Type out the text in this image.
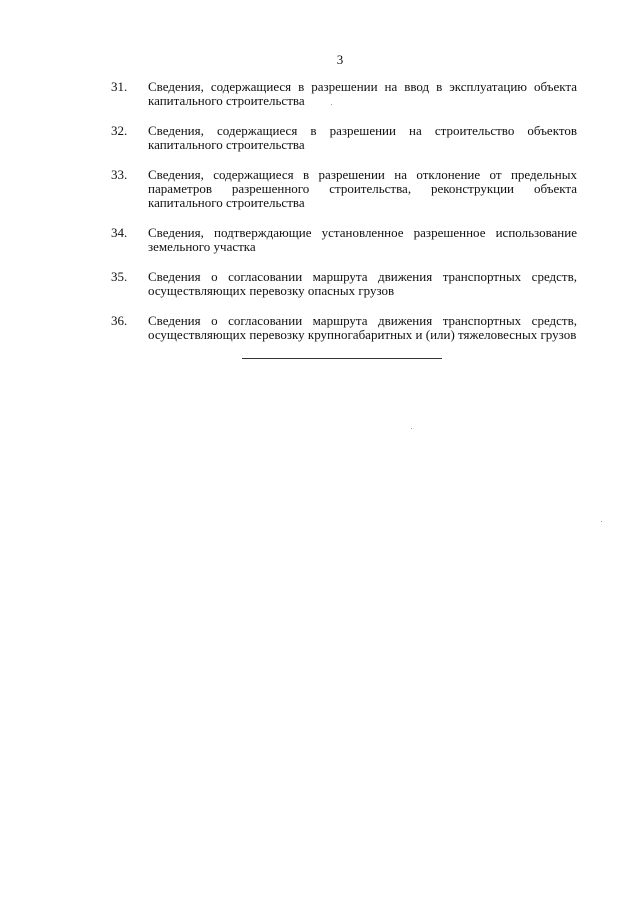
3
31.	Сведения, содержащиеся в разрешении на ввод в эксплуатацию объекта капитального строительства
32.	Сведения, содержащиеся в разрешении на строительство объектов капитального строительства
33.	Сведения, содержащиеся в разрешении на отклонение от предельных параметров разрешенного строительства, реконструкции объекта капитального строительства
34.	Сведения, подтверждающие установленное разрешенное использование земельного участка
35.	Сведения о согласовании маршрута движения транспортных средств, осуществляющих перевозку опасных грузов
36.	Сведения о согласовании маршрута движения транспортных средств, осуществляющих перевозку крупногабаритных и (или) тяжеловесных грузов
